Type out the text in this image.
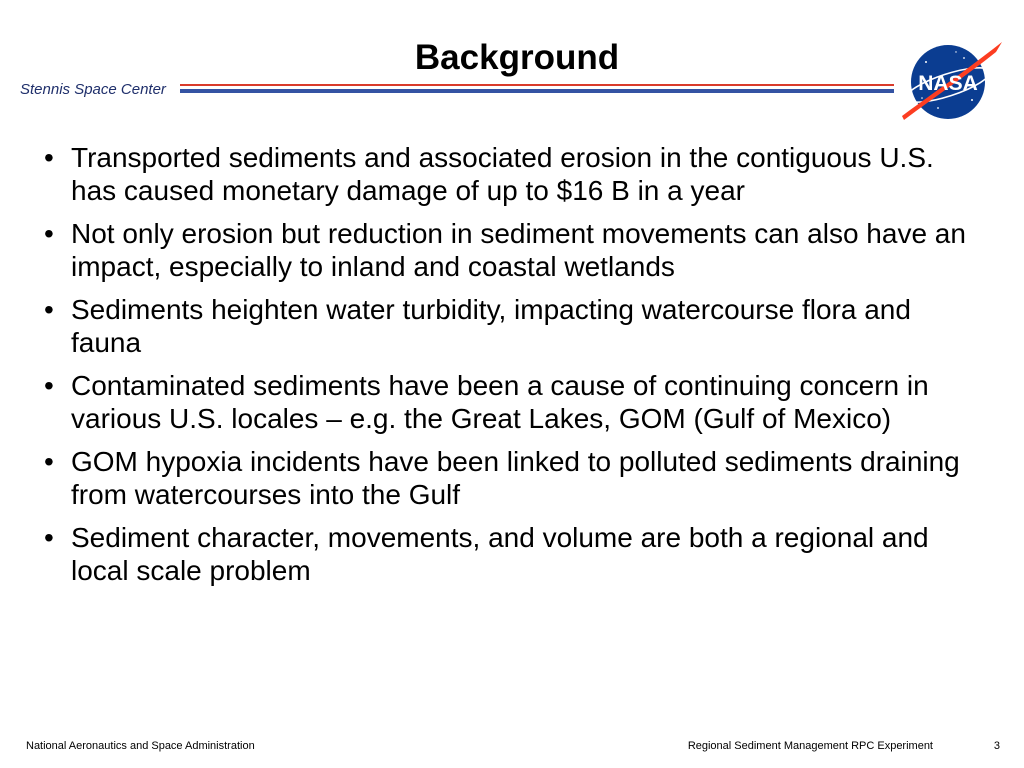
Background
Stennis Space Center	NASA
• Transported sediments and associated erosion in the contiguous U.S. has caused monetary damage of up to $16 B in a year
• Not only erosion but reduction in sediment movements can also have an impact, especially to inland and coastal wetlands
• Sediments heighten water turbidity, impacting watercourse flora and fauna
• Contaminated sediments have been a cause of continuing concern in various U.S. locales – e.g. the Great Lakes, GOM (Gulf of Mexico)
• GOM hypoxia incidents have been linked to polluted sediments draining from watercourses into the Gulf
• Sediment character, movements, and volume are both a regional and local scale problem
National Aeronautics and Space Administration	Regional Sediment Management RPC Experiment	3
